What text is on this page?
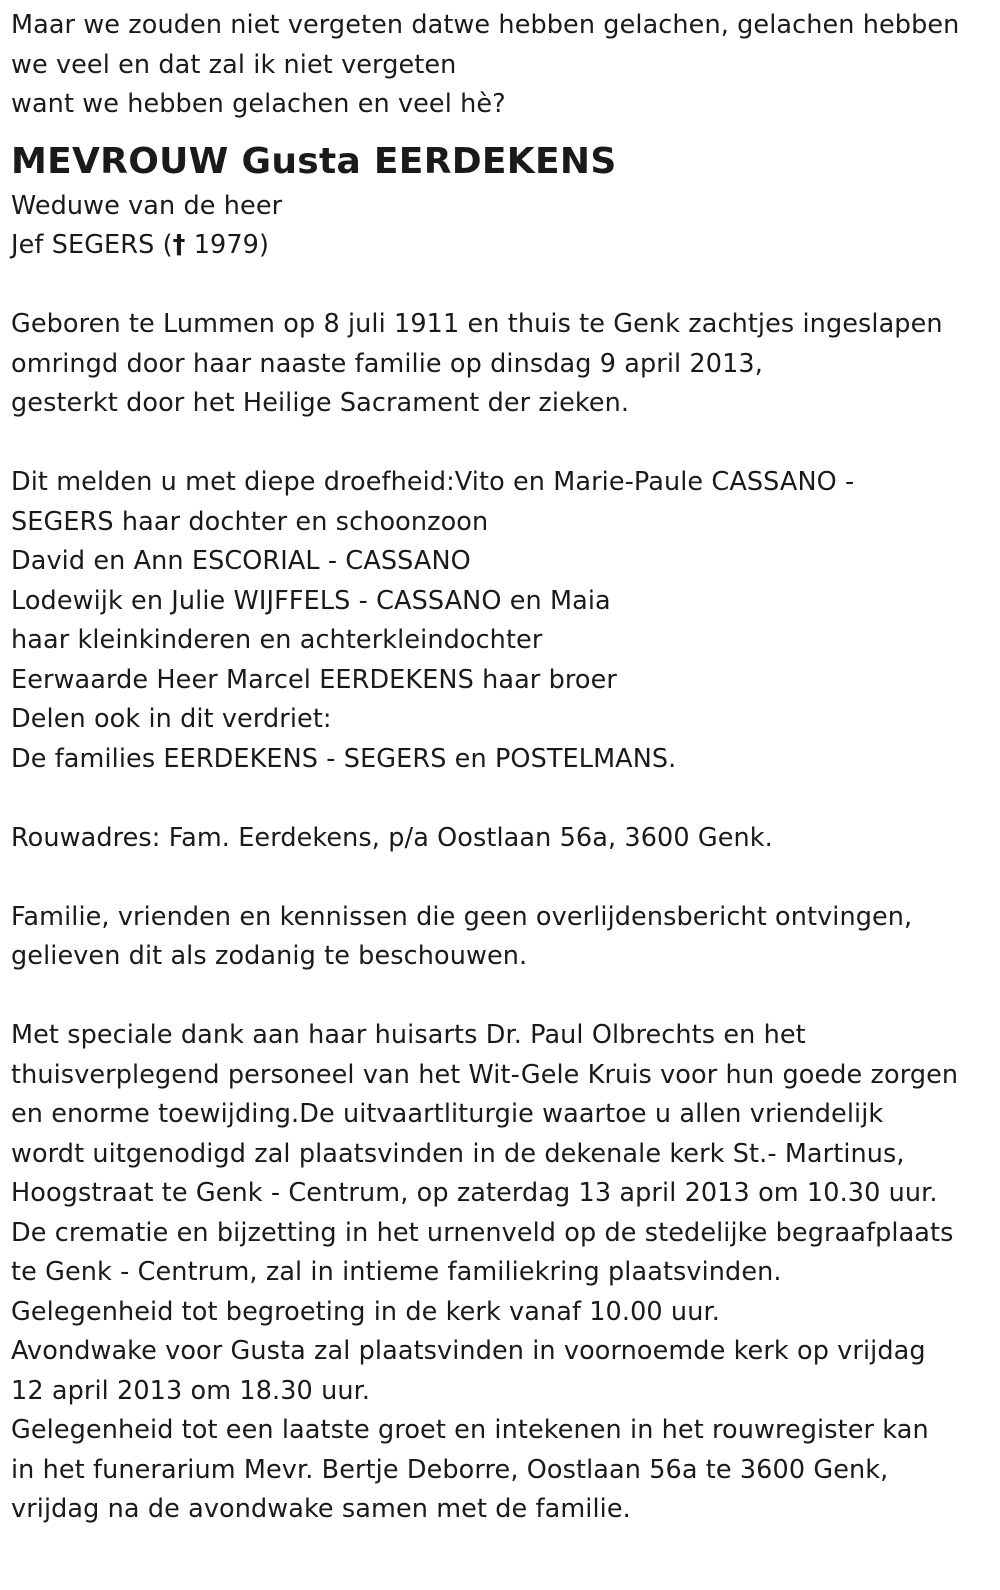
Maar we zouden niet vergeten datwe hebben gelachen, gelachen hebben
we veel en dat zal ik niet vergeten
want we hebben gelachen en veel hè?
MEVROUW Gusta EERDEKENS
Weduwe van de heer
Jef SEGERS († 1979)
Geboren te Lummen op 8 juli 1911 en thuis te Genk zachtjes ingeslapen
omringd door haar naaste familie op dinsdag 9 april 2013,
gesterkt door het Heilige Sacrament der zieken.
Dit melden u met diepe droefheid:Vito en Marie-Paule CASSANO -
SEGERS haar dochter en schoonzoon
David en Ann ESCORIAL - CASSANO
Lodewijk en Julie WIJFFELS - CASSANO en Maia
haar kleinkinderen en achterkleindochter
Eerwaarde Heer Marcel EERDEKENS haar broer
Delen ook in dit verdriet:
De families EERDEKENS - SEGERS en POSTELMANS.
Rouwadres: Fam. Eerdekens, p/a Oostlaan 56a, 3600 Genk.
Familie, vrienden en kennissen die geen overlijdensbericht ontvingen,
gelieven dit als zodanig te beschouwen.
Met speciale dank aan haar huisarts Dr. Paul Olbrechts en het
thuisverplegend personeel van het Wit-Gele Kruis voor hun goede zorgen
en enorme toewijding.De uitvaartliturgie waartoe u allen vriendelijk
wordt uitgenodigd zal plaatsvinden in de dekenale kerk St.- Martinus,
Hoogstraat te Genk - Centrum, op zaterdag 13 april 2013 om 10.30 uur.
De crematie en bijzetting in het urnenveld op de stedelijke begraafplaats
te Genk - Centrum, zal in intieme familiekring plaatsvinden.
Gelegenheid tot begroeting in de kerk vanaf 10.00 uur.
Avondwake voor Gusta zal plaatsvinden in voornoemde kerk op vrijdag
12 april 2013 om 18.30 uur.
Gelegenheid tot een laatste groet en intekenen in het rouwregister kan
in het funerarium Mevr. Bertje Deborre, Oostlaan 56a te 3600 Genk,
vrijdag na de avondwake samen met de familie.
